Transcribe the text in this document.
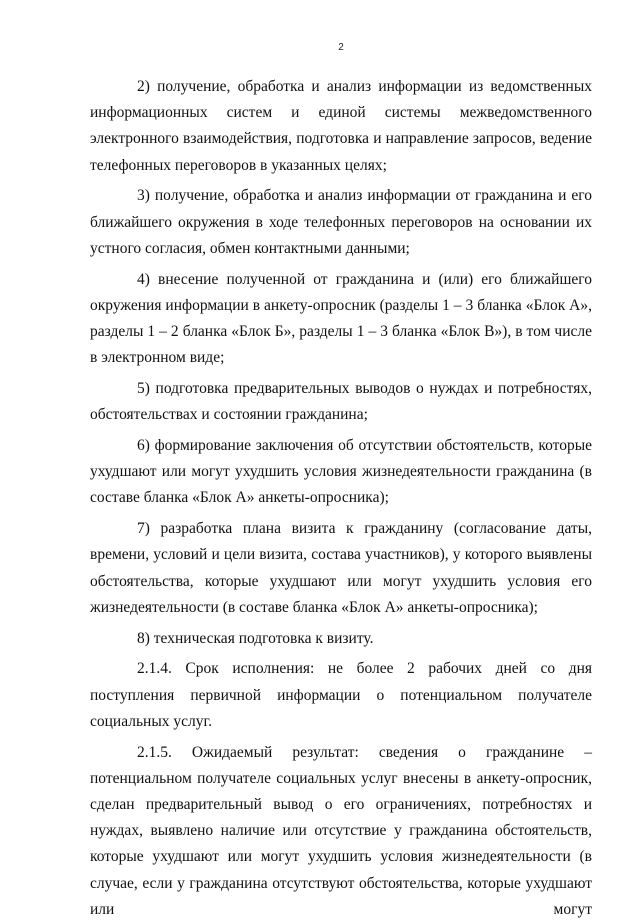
2

2) получение, обработка и анализ информации из ведомственных информационных систем и единой системы межведомственного электронного взаимодействия, подготовка и направление запросов, ведение телефонных переговоров в указанных целях;

3) получение, обработка и анализ информации от гражданина и его ближайшего окружения в ходе телефонных переговоров на основании их устного согласия, обмен контактными данными;

4) внесение полученной от гражданина и (или) его ближайшего окружения информации в анкету-опросник (разделы 1 – 3 бланка «Блок А», разделы 1 – 2 бланка «Блок Б», разделы 1 – 3 бланка «Блок В»), в том числе в электронном виде;

5) подготовка предварительных выводов о нуждах и потребностях, обстоятельствах и состоянии гражданина;

6) формирование заключения об отсутствии обстоятельств, которые ухудшают или могут ухудшить условия жизнедеятельности гражданина (в составе бланка «Блок А» анкеты-опросника);

7) разработка плана визита к гражданину (согласование даты, времени, условий и цели визита, состава участников), у которого выявлены обстоятельства, которые ухудшают или могут ухудшить условия его жизнедеятельности (в составе бланка «Блок А» анкеты-опросника);

8) техническая подготовка к визиту.

2.1.4. Срок исполнения: не более 2 рабочих дней со дня поступления первичной информации о потенциальном получателе социальных услуг.

2.1.5. Ожидаемый результат: сведения о гражданине – потенциальном получателе социальных услуг внесены в анкету-опросник, сделан предварительный вывод о его ограничениях, потребностях и нуждах, выявлено наличие или отсутствие у гражданина обстоятельств, которые ухудшают или могут ухудшить условия жизнедеятельности (в случае, если у гражданина отсутствуют обстоятельства, которые ухудшают или могут
